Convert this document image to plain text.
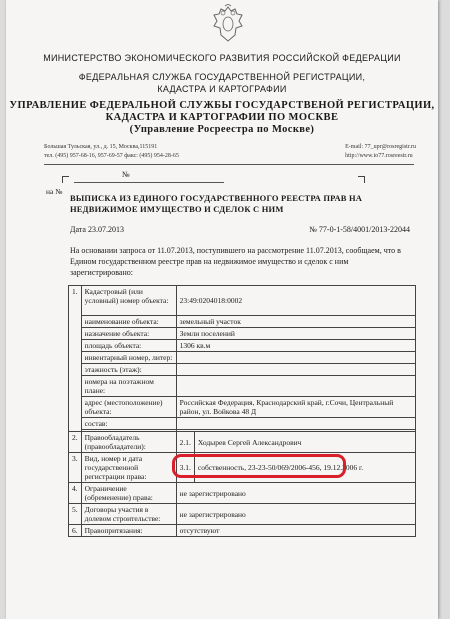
МИНИСТЕРСТВО ЭКОНОМИЧЕСКОГО РАЗВИТИЯ РОССИЙСКОЙ ФЕДЕРАЦИИ
ФЕДЕРАЛЬНАЯ СЛУЖБА ГОСУДАРСТВЕННОЙ РЕГИСТРАЦИИ,
КАДАСТРА И КАРТОГРАФИИ
УПРАВЛЕНИЕ ФЕДЕРАЛЬНОЙ СЛУЖБЫ ГОСУДАРСТВЕНОЙ РЕГИСТРАЦИИ,
КАДАСТРА И КАРТОГРАФИИ ПО МОСКВЕ
(Управление Росреестра по Москве)
Большая Тульская, ул., д. 15, Москва,115191
тел. (495) 957-68-16, 957-69-57 факс: (495) 954-28-65
E-mail: 77_upr@rosregistr.ru
http://www.to77.rosreestr.ru
№
на №
ВЫПИСКА ИЗ ЕДИНОГО ГОСУДАРСТВЕННОГО РЕЕСТРА ПРАВ НА
НЕДВИЖИМОЕ ИМУЩЕСТВО И СДЕЛОК С НИМ
Дата 23.07.2013	№ 77-0-1-58/4001/2013-22044
На основании запроса от 11.07.2013, поступившего на рассмотрение 11.07.2013, сообщаем, что в Едином государственном реестре прав на недвижимое имущество и сделок с ним зарегистрировано:
1.	Кадастровый (или условный) номер объекта:	23:49:0204018:0002	
	наименование объекта:	земельный участок	
	назначение объекта:	Земли поселений	
	площадь объекта:	1306 кв.м	
	инвентарный номер, литер:		
	этажность (этаж):		
	номера на поэтажном плане:		
	адрес (местоположение) объекта:	Российская Федерация, Краснодарский край, г.Сочи, Центральный район, ул. Войкова 48 Д	
	состав:		

2.	Правообладатель (правообладатели):	2.1.	Ходырев Сергей Александрович
3.	Вид, номер и дата государственной регистрации права:	3.1.	собственность, 23-23-50/069/2006-456, 19.12.2006 г.
4.	Ограничение (обременение) права:	не зарегистрировано	
5.	Договоры участия в долевом строительстве:	не зарегистрировано	
6.	Правопритязания:	отсутствуют	
